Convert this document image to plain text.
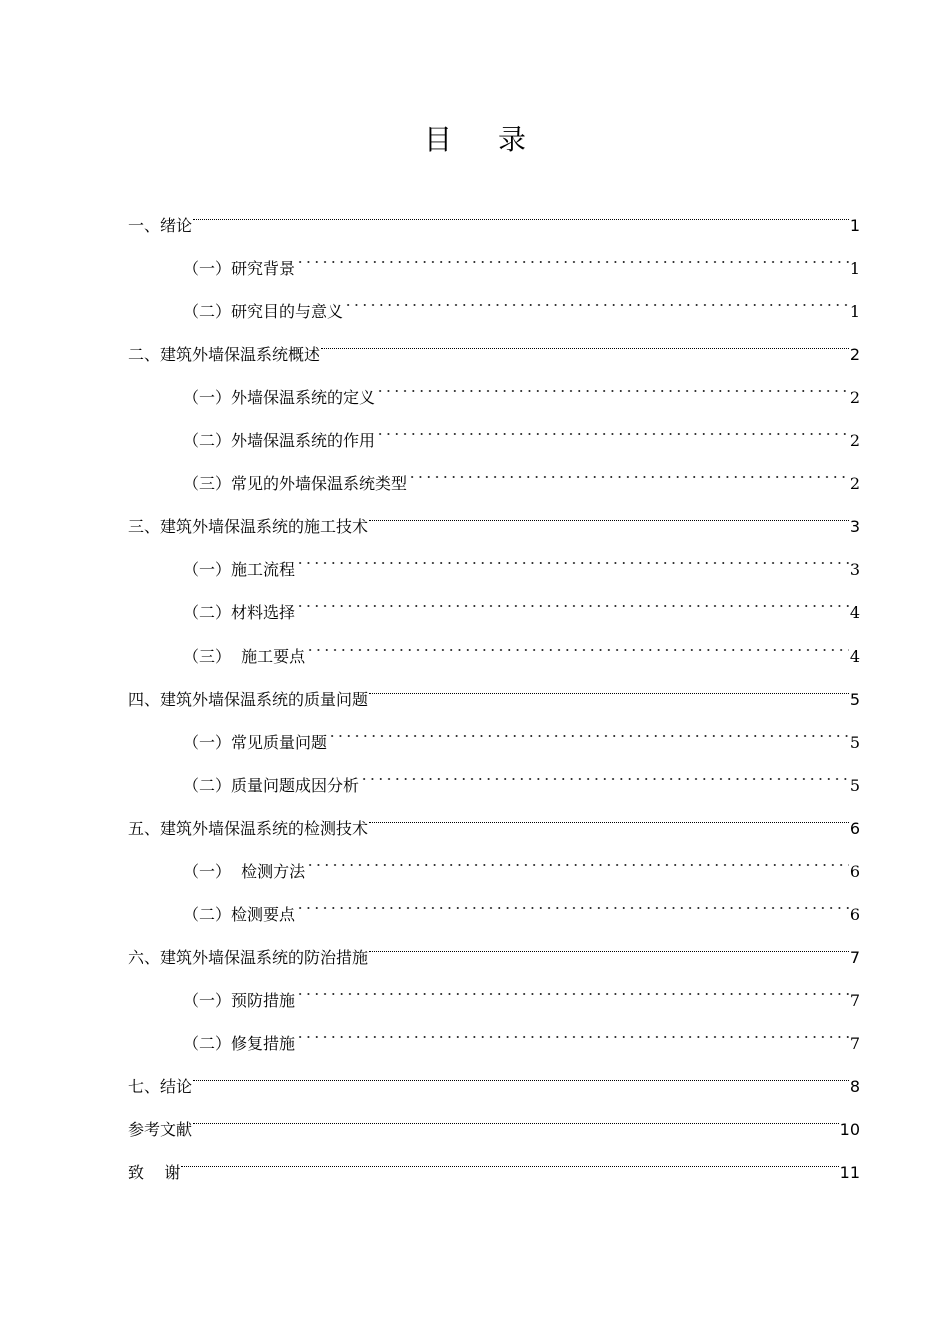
目 录
一、绪论	1
（一）研究背景	1
（二）研究目的与意义	1
二、建筑外墙保温系统概述	2
（一）外墙保温系统的定义	2
（二）外墙保温系统的作用	2
（三）常见的外墙保温系统类型	2
三、建筑外墙保温系统的施工技术	3
（一）施工流程	3
（二）材料选择	4
（三）  施工要点	4
四、建筑外墙保温系统的质量问题	5
（一）常见质量问题	5
（二）质量问题成因分析	5
五、建筑外墙保温系统的检测技术	6
（一）  检测方法	6
（二）检测要点	6
六、建筑外墙保温系统的防治措施	7
（一）预防措施	7
（二）修复措施	7
七、结论	8
参考文献	10
致    谢	11
